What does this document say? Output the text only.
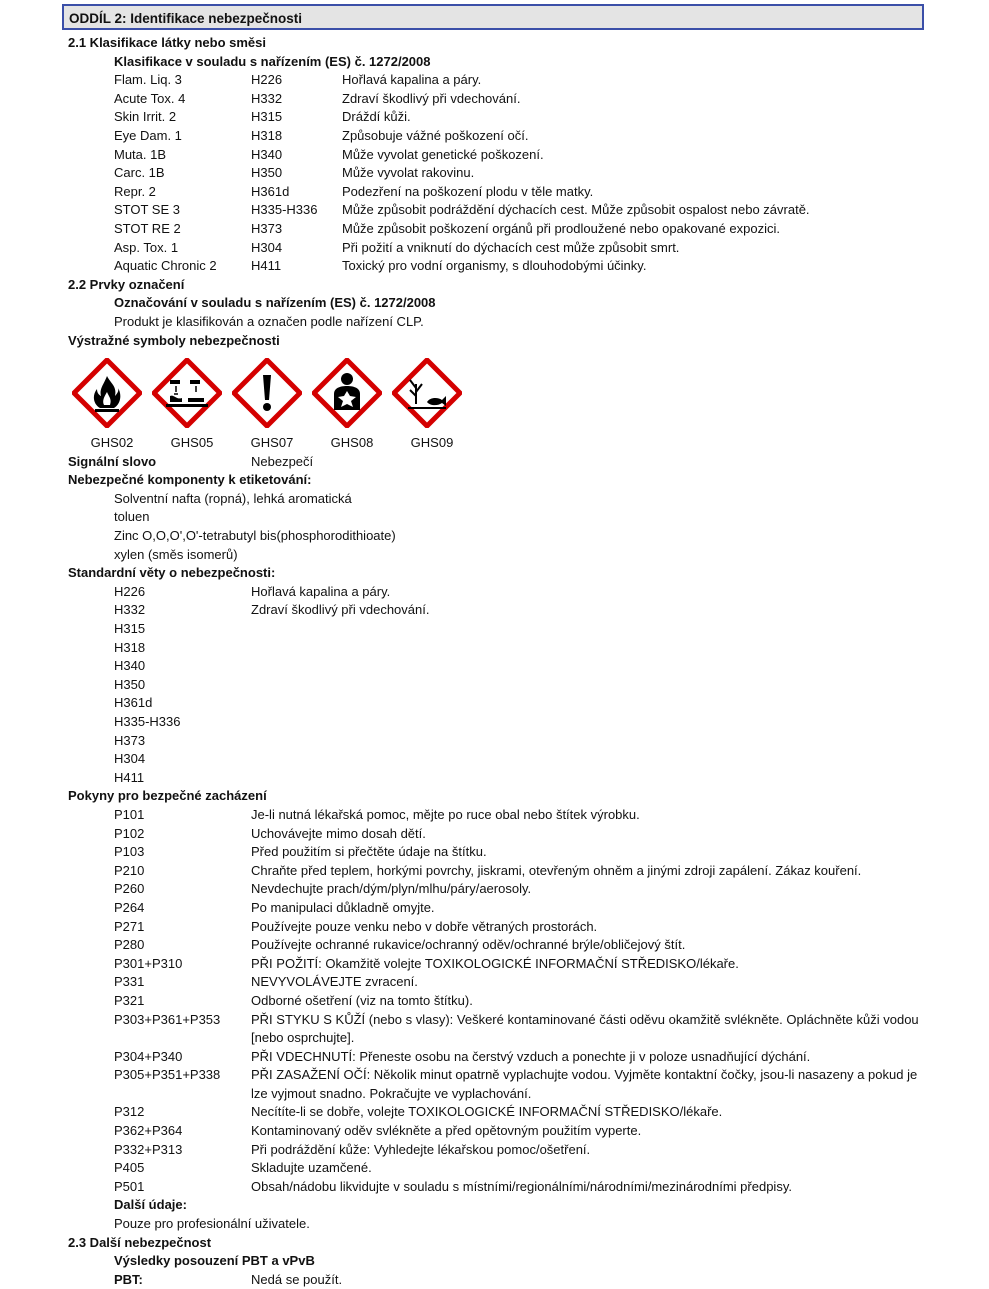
ODDÍL 2: Identifikace nebezpečnosti
2.1 Klasifikace látky nebo směsi
Klasifikace v souladu s nařízením (ES) č. 1272/2008
Flam. Liq. 3	H226	Hořlavá kapalina a páry.
Acute Tox. 4	H332	Zdraví škodlivý při vdechování.
Skin Irrit. 2	H315	Dráždí kůži.
Eye Dam. 1	H318	Způsobuje vážné poškození očí.
Muta. 1B	H340	Může vyvolat genetické poškození.
Carc. 1B	H350	Může vyvolat rakovinu.
Repr. 2	H361d	Podezření na poškození plodu v těle matky.
STOT SE 3	H335-H336	Může způsobit podráždění dýchacích cest. Může způsobit ospalost nebo závratě.
STOT RE 2	H373	Může způsobit poškození orgánů při prodloužené nebo opakované expozici.
Asp. Tox. 1	H304	Při požití a vniknutí do dýchacích cest může způsobit smrt.
Aquatic Chronic 2	H411	Toxický pro vodní organismy, s dlouhodobými účinky.
2.2 Prvky označení
Označování v souladu s nařízením (ES) č. 1272/2008
Produkt je klasifikován a označen podle nařízení CLP.
Výstražné symboly nebezpečnosti
GHS02	GHS05	GHS07	GHS08	GHS09
Signální slovo	Nebezpečí
Nebezpečné komponenty k etiketování:
Solventní nafta (ropná), lehká aromatická
toluen
Zinc O,O,O',O'-tetrabutyl bis(phosphorodithioate)
xylen (směs isomerů)
Standardní věty o nebezpečnosti:
H226	Hořlavá kapalina a páry.
H332	Zdraví škodlivý při vdechování.
H315
H318
H340
H350
H361d
H335-H336
H373
H304
H411
Pokyny pro bezpečné zacházení
P101	Je-li nutná lékařská pomoc, mějte po ruce obal nebo štítek výrobku.
P102	Uchovávejte mimo dosah dětí.
P103	Před použitím si přečtěte údaje na štítku.
P210	Chraňte před teplem, horkými povrchy, jiskrami, otevřeným ohněm a jinými zdroji zapálení. Zákaz kouření.
P260	Nevdechujte prach/dým/plyn/mlhu/páry/aerosoly.
P264	Po manipulaci důkladně omyjte.
P271	Používejte pouze venku nebo v dobře větraných prostorách.
P280	Používejte ochranné rukavice/ochranný oděv/ochranné brýle/obličejový štít.
P301+P310	PŘI POŽITÍ: Okamžitě volejte TOXIKOLOGICKÉ INFORMAČNÍ STŘEDISKO/lékaře.
P331	NEVYVOLÁVEJTE zvracení.
P321	Odborné ošetření (viz na tomto štítku).
P303+P361+P353	PŘI STYKU S KŮŽÍ (nebo s vlasy): Veškeré kontaminované části oděvu okamžitě svlékněte. Opláchněte kůži vodou [nebo osprchujte].
P304+P340	PŘI VDECHNUTÍ: Přeneste osobu na čerstvý vzduch a ponechte ji v poloze usnadňující dýchání.
P305+P351+P338	PŘI ZASAŽENÍ OČÍ: Několik minut opatrně vyplachujte vodou. Vyjměte kontaktní čočky, jsou-li nasazeny a pokud je lze vyjmout snadno. Pokračujte ve vyplachování.
P312	Necítíte-li se dobře, volejte TOXIKOLOGICKÉ INFORMAČNÍ STŘEDISKO/lékaře.
P362+P364	Kontaminovaný oděv svlékněte a před opětovným použitím vyperte.
P332+P313	Při podráždění kůže: Vyhledejte lékařskou pomoc/ošetření.
P405	Skladujte uzamčené.
P501	Obsah/nádobu likvidujte v souladu s místními/regionálními/národními/mezinárodními předpisy.
Další údaje:
Pouze pro profesionální uživatele.
2.3 Další nebezpečnost
Výsledky posouzení PBT a vPvB
PBT:	Nedá se použít.
